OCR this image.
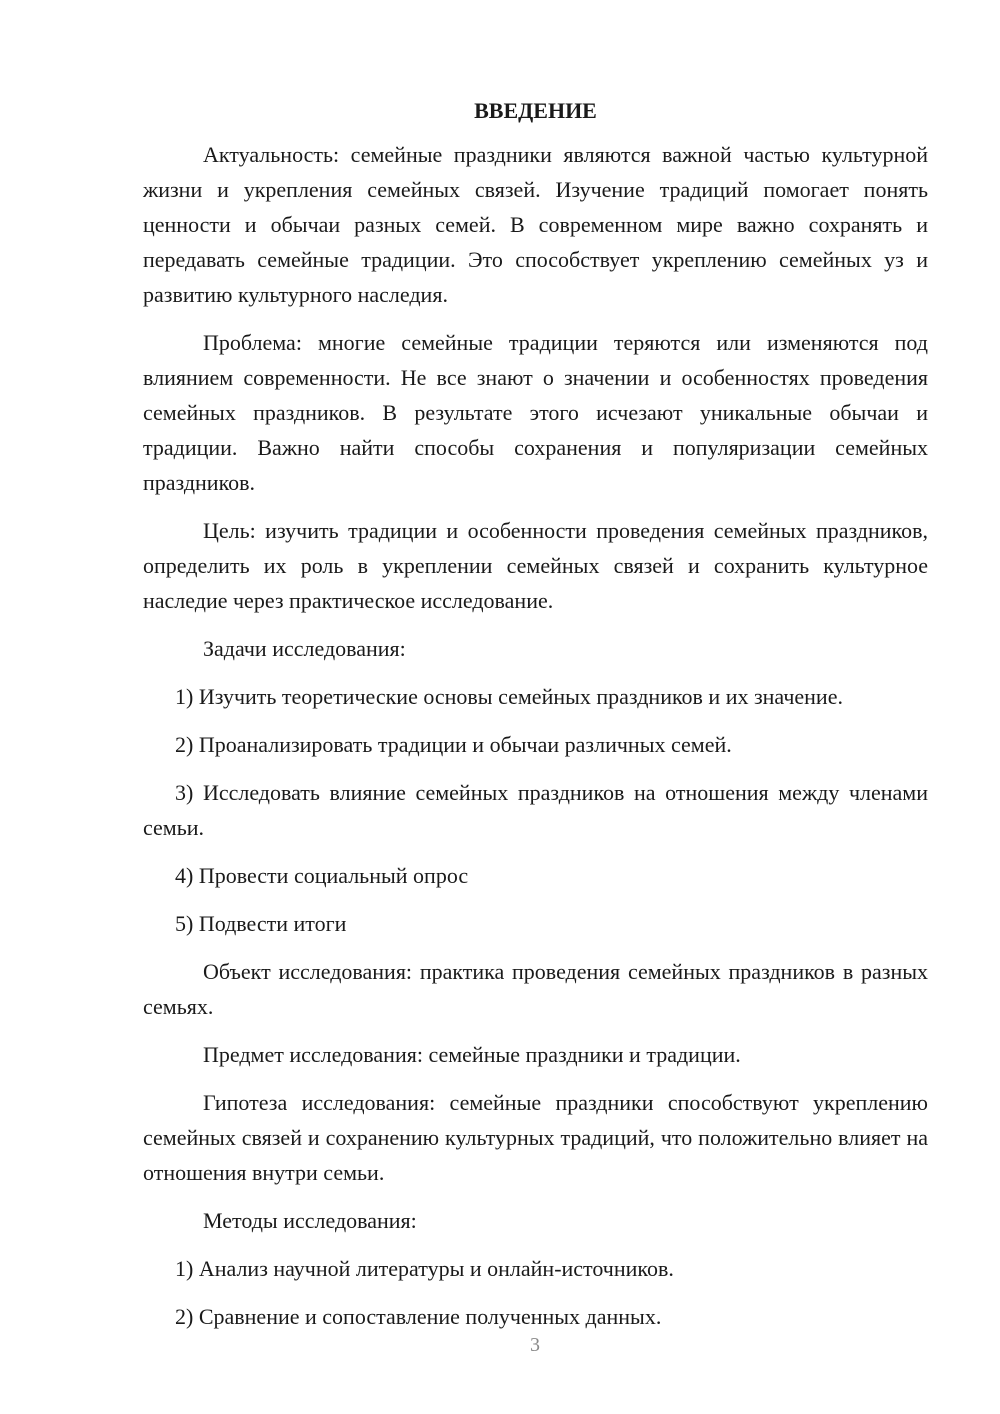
ВВЕДЕНИЕ

Актуальность: семейные праздники являются важной частью культурной жизни и укрепления семейных связей. Изучение традиций помогает понять ценности и обычаи разных семей. В современном мире важно сохранять и передавать семейные традиции. Это способствует укреплению семейных уз и развитию культурного наследия.

Проблема: многие семейные традиции теряются или изменяются под влиянием современности. Не все знают о значении и особенностях проведения семейных праздников. В результате этого исчезают уникальные обычаи и традиции. Важно найти способы сохранения и популяризации семейных праздников.

Цель: изучить традиции и особенности проведения семейных праздников, определить их роль в укреплении семейных связей и сохранить культурное наследие через практическое исследование.

Задачи исследования:

1) Изучить теоретические основы семейных праздников и их значение.

2) Проанализировать традиции и обычаи различных семей.

3) Исследовать влияние семейных праздников на отношения между членами семьи.

4) Провести социальный опрос

5) Подвести итоги

Объект исследования: практика проведения семейных праздников в разных семьях.

Предмет исследования: семейные праздники и традиции.

Гипотеза исследования: семейные праздники способствуют укреплению семейных связей и сохранению культурных традиций, что положительно влияет на отношения внутри семьи.

Методы исследования:

1) Анализ научной литературы и онлайн-источников.

2) Сравнение и сопоставление полученных данных.

3
